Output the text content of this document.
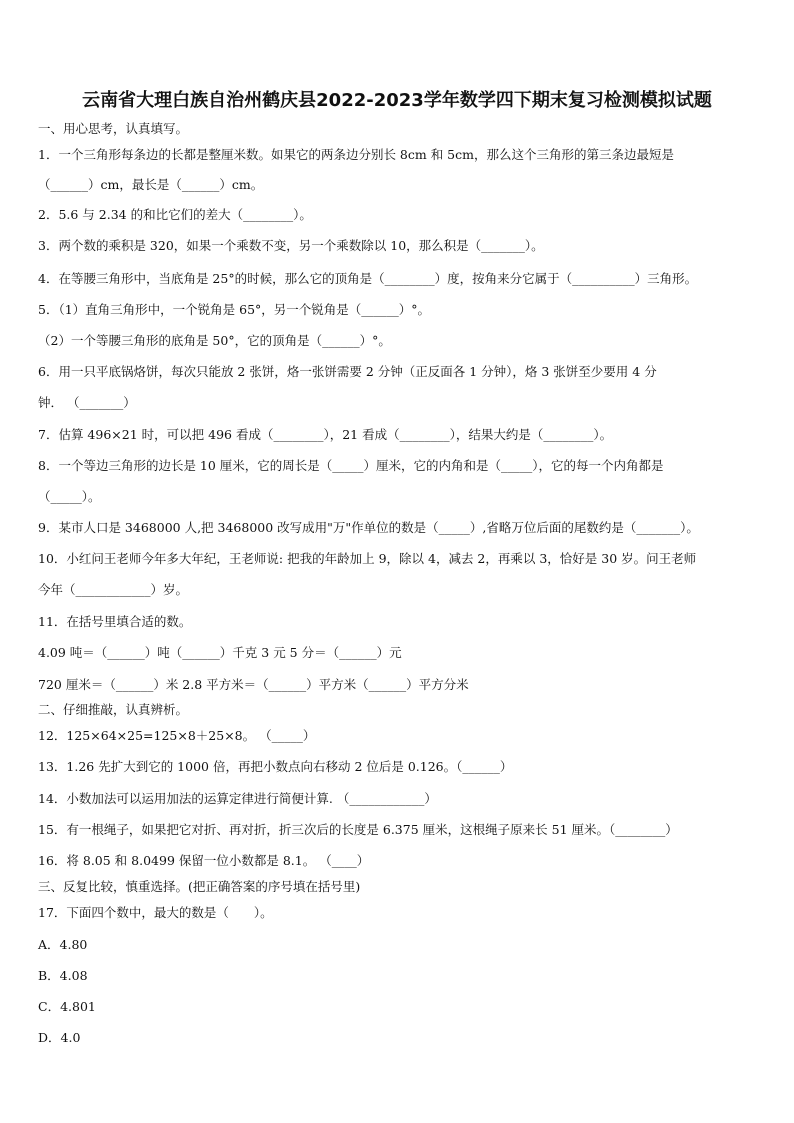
云南省大理白族自治州鹤庆县2022-2023学年数学四下期末复习检测模拟试题
一、用心思考，认真填写。
1．一个三角形每条边的长都是整厘米数。如果它的两条边分别长 8cm 和 5cm，那么这个三角形的第三条边最短是
（______）cm，最长是（______）cm。
2．5.6 与 2.34 的和比它们的差大（________）。
3．两个数的乘积是 320，如果一个乘数不变，另一个乘数除以 10，那么积是（_______）。
4．在等腰三角形中，当底角是 25°的时候，那么它的顶角是（________）度，按角来分它属于（__________）三角形。
5．（1）直角三角形中，一个锐角是 65°，另一个锐角是（______）°。
（2）一个等腰三角形的底角是 50°，它的顶角是（______）°。
6．用一只平底锅烙饼，每次只能放 2 张饼，烙一张饼需要 2 分钟（正反面各 1 分钟），烙 3 张饼至少要用 4 分
钟． （_______）
7．估算 496×21 时，可以把 496 看成（________），21 看成（________），结果大约是（________）。
8．一个等边三角形的边长是 10 厘米，它的周长是（_____）厘米，它的内角和是（_____），它的每一个内角都是
（_____）。
9．某市人口是 3468000 人,把 3468000 改写成用"万"作单位的数是（_____）,省略万位后面的尾数约是（_______）。
10．小红问王老师今年多大年纪，王老师说: 把我的年龄加上 9，除以 4，减去 2，再乘以 3，恰好是 30 岁。问王老师
今年（____________）岁。
11．在括号里填合适的数。
4.09 吨＝（______）吨（______）千克 3 元 5 分＝（______）元
720 厘米＝（______）米 2.8 平方米＝（______）平方米（______）平方分米
二、仔细推敲，认真辨析。
12．125×64×25=125×8＋25×8。 （_____）
13．1.26 先扩大到它的 1000 倍，再把小数点向右移动 2 位后是 0.126。（______）
14．小数加法可以运用加法的运算定律进行简便计算. （____________）
15．有一根绳子，如果把它对折、再对折，折三次后的长度是 6.375 厘米，这根绳子原来长 51 厘米。（________）
16．将 8.05 和 8.0499 保留一位小数都是 8.1。 （____）
三、反复比较，慎重选择。(把正确答案的序号填在括号里)
17．下面四个数中，最大的数是（　　）。
A．4.80
B．4.08
C．4.801
D．4.0
